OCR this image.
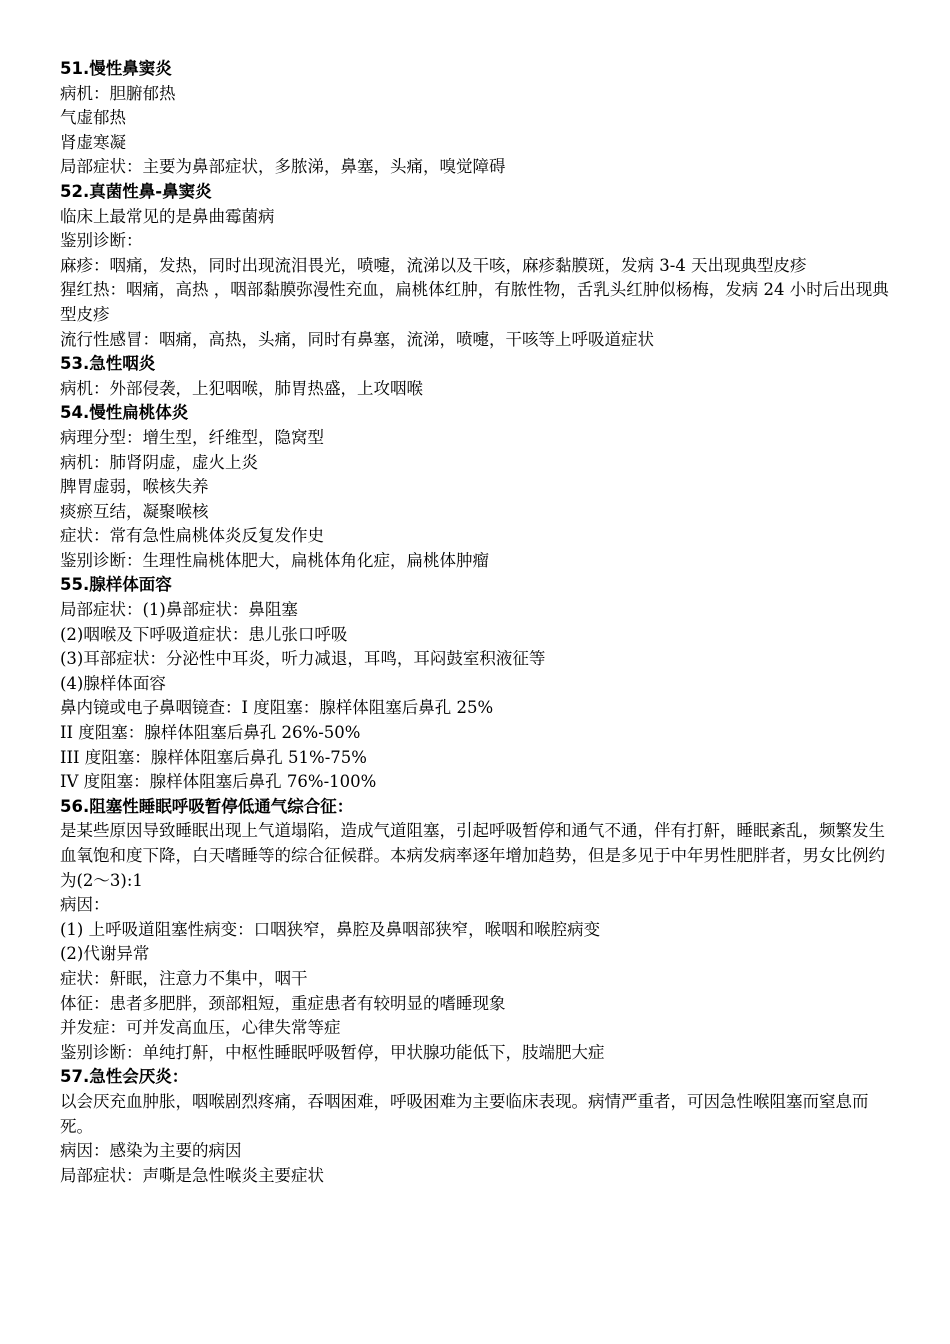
51.慢性鼻窦炎

病机：胆腑郁热

气虚郁热

肾虚寒凝

局部症状：主要为鼻部症状，多脓涕，鼻塞，头痛，嗅觉障碍

52.真菌性鼻-鼻窦炎

临床上最常见的是鼻曲霉菌病

鉴别诊断：

麻疹：咽痛，发热，同时出现流泪畏光，喷嚏，流涕以及干咳，麻疹黏膜斑，发病 3-4 天出现典型皮疹

猩红热：咽痛，高热 ，咽部黏膜弥漫性充血，扁桃体红肿，有脓性物，舌乳头红肿似杨梅，发病 24 小时后出现典型皮疹

流行性感冒：咽痛，高热，头痛，同时有鼻塞，流涕，喷嚏，干咳等上呼吸道症状

53.急性咽炎

病机：外部侵袭，上犯咽喉，肺胃热盛，上攻咽喉

54.慢性扁桃体炎

病理分型：增生型，纤维型，隐窝型

病机：肺肾阴虚，虚火上炎

脾胃虚弱，喉核失养

痰瘀互结，凝聚喉核

症状：常有急性扁桃体炎反复发作史

鉴别诊断：生理性扁桃体肥大，扁桃体角化症，扁桃体肿瘤

55.腺样体面容

局部症状：(1)鼻部症状：鼻阻塞

(2)咽喉及下呼吸道症状：患儿张口呼吸

(3)耳部症状：分泌性中耳炎，听力减退，耳鸣，耳闷鼓室积液征等

(4)腺样体面容

鼻内镜或电子鼻咽镜查：I 度阻塞：腺样体阻塞后鼻孔 25%

II 度阻塞：腺样体阻塞后鼻孔 26%-50%

III 度阻塞：腺样体阻塞后鼻孔 51%-75%

IV 度阻塞：腺样体阻塞后鼻孔 76%-100%

56.阻塞性睡眠呼吸暂停低通气综合征：

是某些原因导致睡眠出现上气道塌陷，造成气道阻塞，引起呼吸暂停和通气不通，伴有打鼾，睡眠紊乱，频繁发生血氧饱和度下降，白天嗜睡等的综合征候群。本病发病率逐年增加趋势，但是多见于中年男性肥胖者，男女比例约为(2～3):1

病因：

(1) 上呼吸道阻塞性病变：口咽狭窄，鼻腔及鼻咽部狭窄，喉咽和喉腔病变

(2)代谢异常

症状：鼾眠，注意力不集中，咽干

体征：患者多肥胖，颈部粗短，重症患者有较明显的嗜睡现象

并发症：可并发高血压，心律失常等症

鉴别诊断：单纯打鼾，中枢性睡眠呼吸暂停，甲状腺功能低下，肢端肥大症

57.急性会厌炎：

以会厌充血肿胀，咽喉剧烈疼痛，吞咽困难，呼吸困难为主要临床表现。病情严重者，可因急性喉阻塞而窒息而死。

病因：感染为主要的病因

局部症状：声嘶是急性喉炎主要症状
